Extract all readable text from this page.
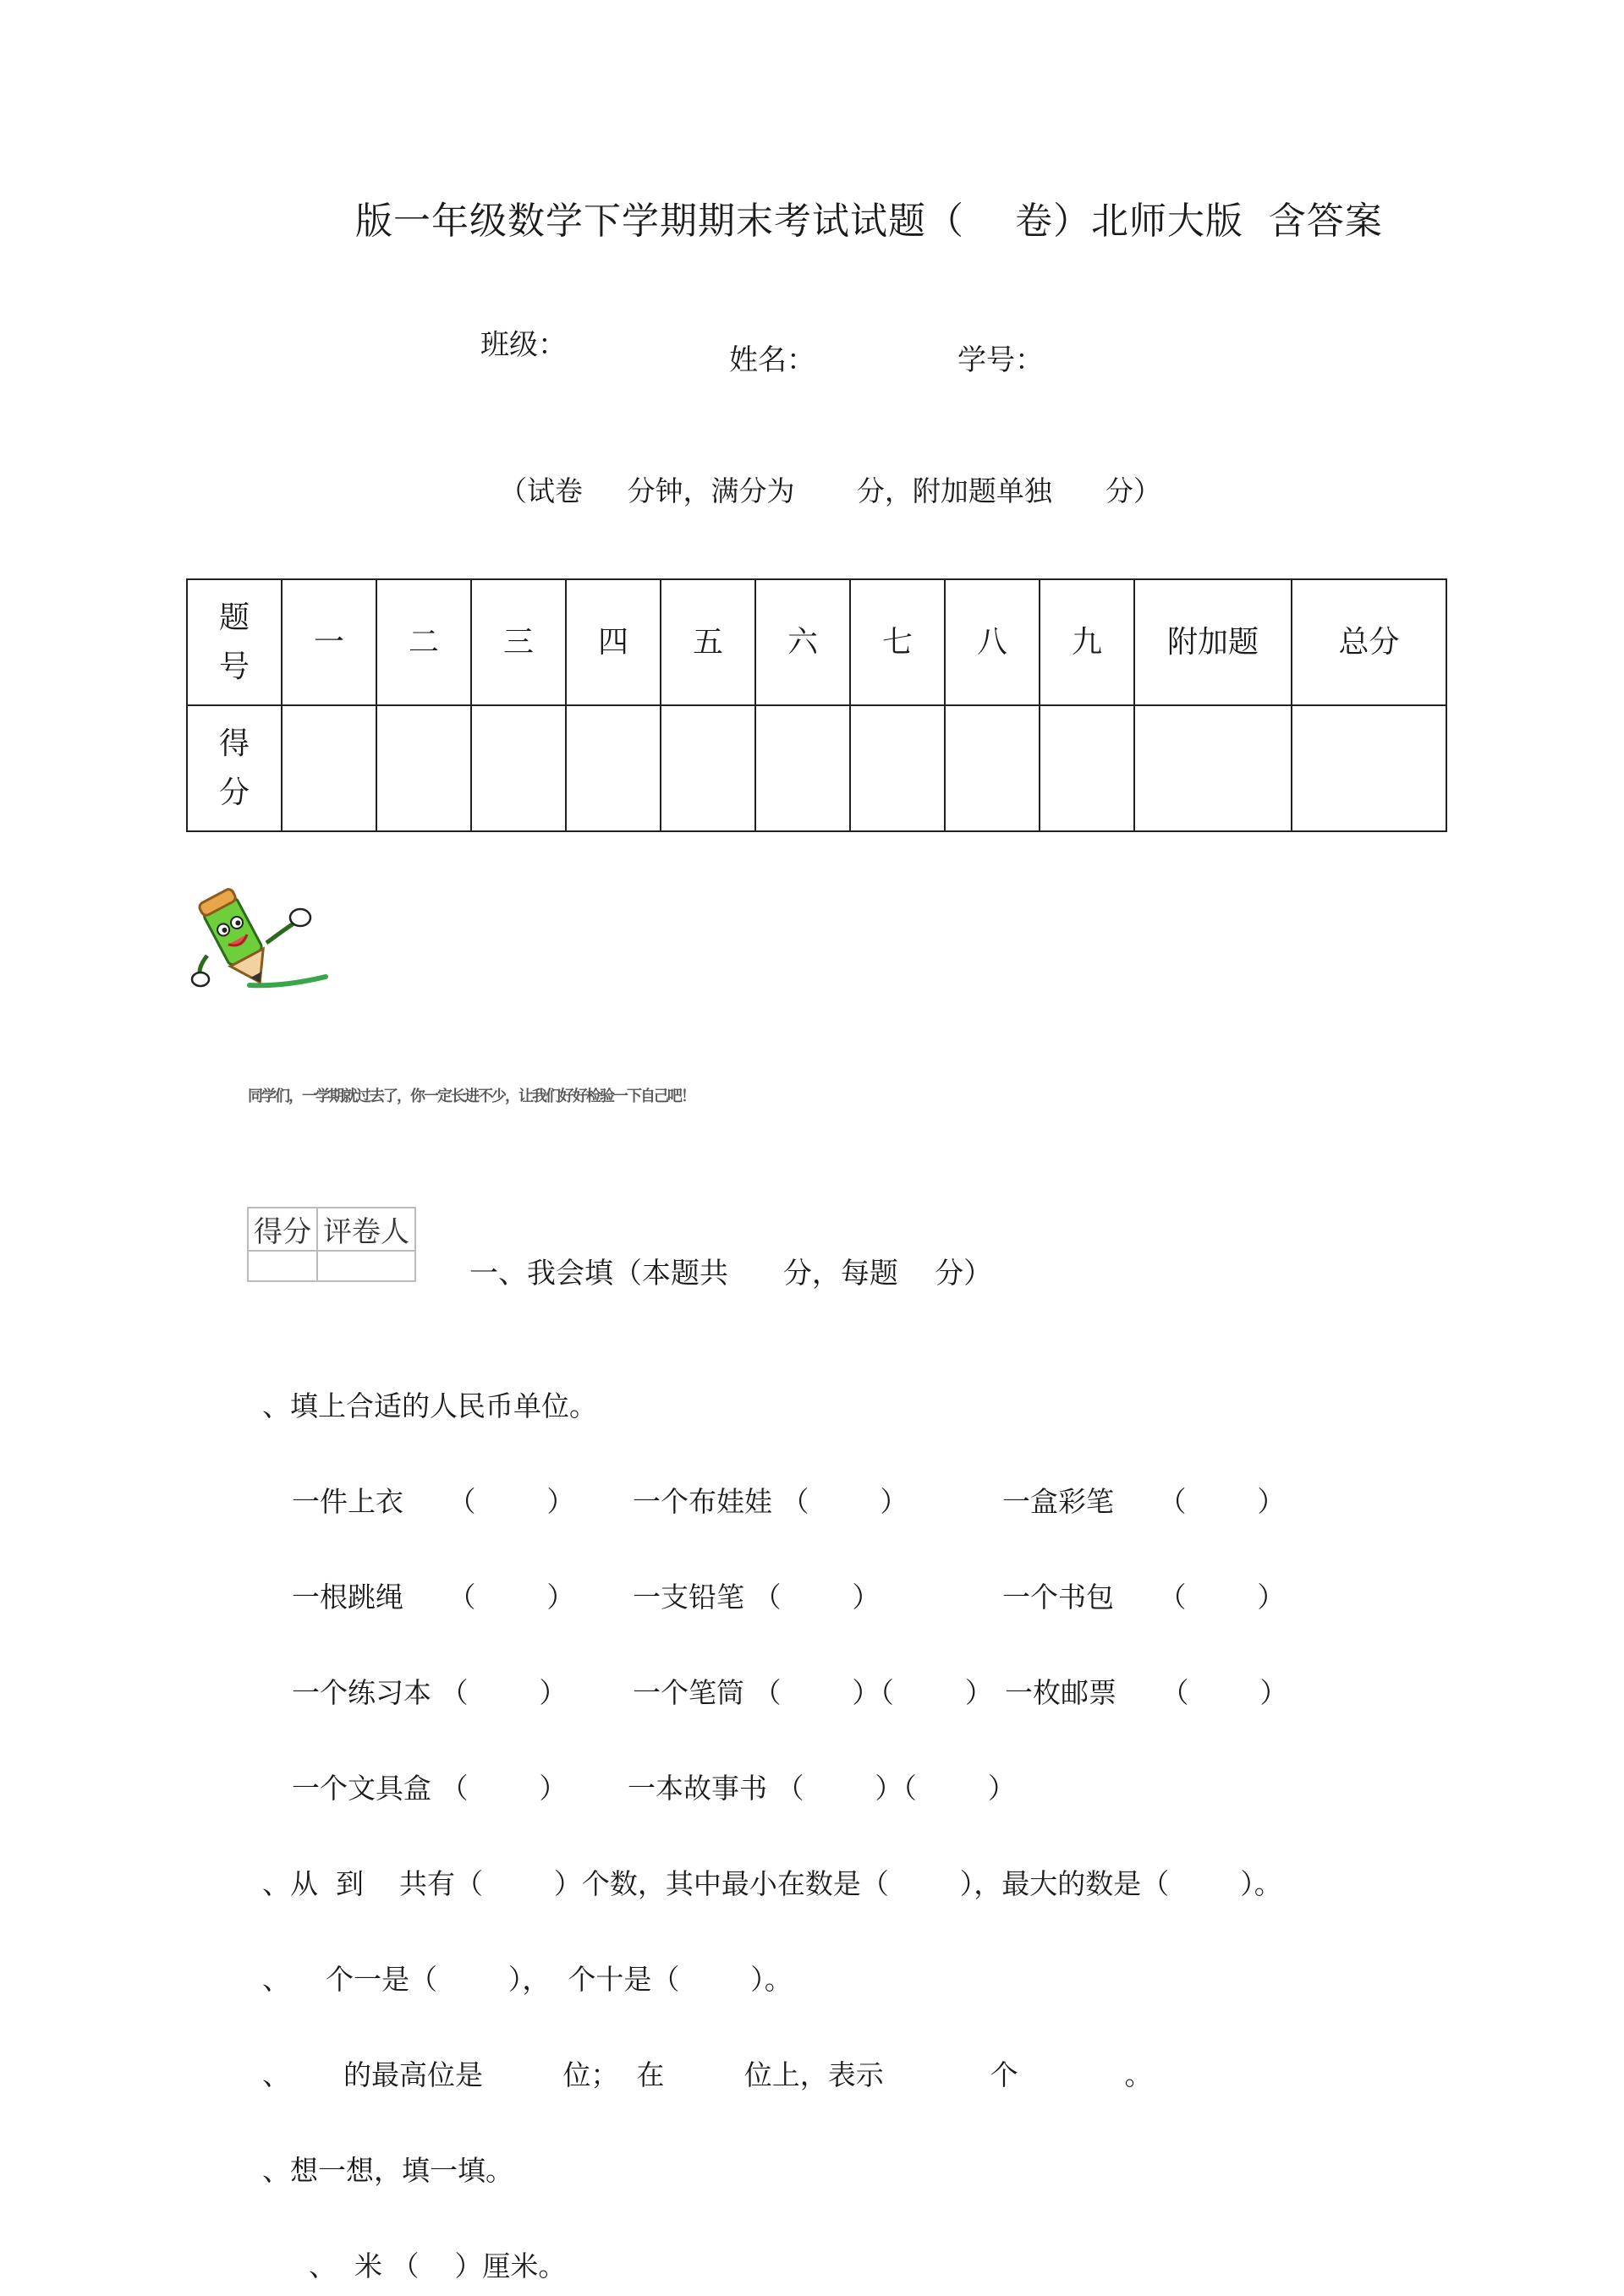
版一年级数学下学期期末考试试题（    卷）北师大版  含答案
班级：	姓名：	学号：
（试卷     分钟，满分为       分，附加题单独      分）
题号	一	二	三	四	五	六	七	八	九	附加题	总分
得分											
同学们，一学期就过去了，你一定长进不少，让我们好好检验一下自己吧！
得分	评卷人

一、我会填（本题共      分，每题    分）
、填上合适的人民币单位。
一件上衣     （        ） 一个布娃娃 （        ）	一盒彩笔     （        ）
一根跳绳     （        ） 一支铅笔 （        ）	一个书包     （        ）
一个练习本 （        ） 一个笔筒 （        ）（        ） 一枚邮票     （        ）
一个文具盒 （        ） 一本故事书 （        ）（        ）
、从  到    共有（        ）个数，其中最小在数是（        ），最大的数是（        ）。
、    个一是（        ），  个十是（        ）。
、      的最高位是         位；  在         位上，表示            个            。
、想一想，填一填。
、  米 （    ）厘米。
